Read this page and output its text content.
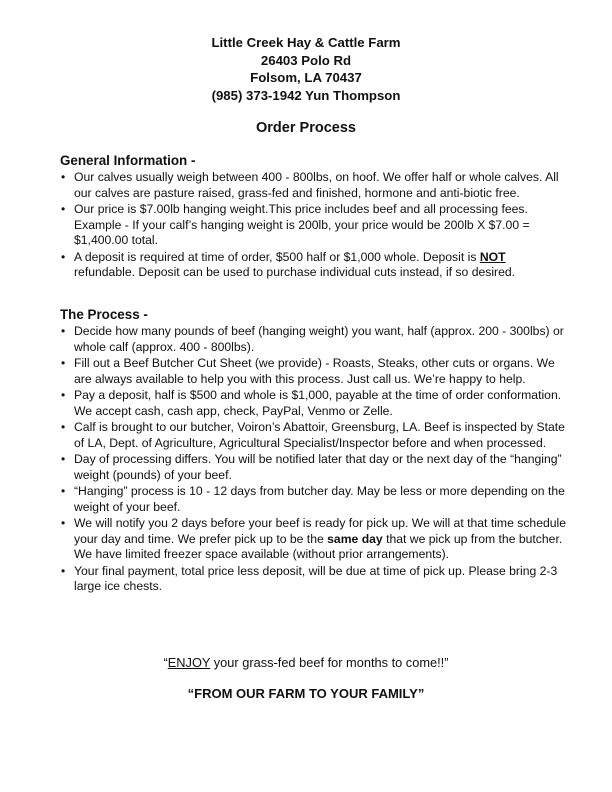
Little Creek Hay & Cattle Farm
26403 Polo Rd
Folsom, LA 70437
(985) 373-1942 Yun Thompson
Order Process
General Information -
• Our calves usually weigh between 400 - 800lbs, on hoof. We offer half or whole calves. All our calves are pasture raised, grass-fed and finished, hormone and anti-biotic free.
• Our price is $7.00lb hanging weight.This price includes beef and all processing fees. Example - If your calf’s hanging weight is 200lb, your price would be 200lb X $7.00 = $1,400.00 total.
• A deposit is required at time of order, $500 half or $1,000 whole. Deposit is NOT refundable. Deposit can be used to purchase individual cuts instead, if so desired.
The Process -
• Decide how many pounds of beef (hanging weight) you want, half (approx. 200 - 300lbs) or whole calf (approx. 400 - 800lbs).
• Fill out a Beef Butcher Cut Sheet (we provide) - Roasts, Steaks, other cuts or organs. We are always available to help you with this process. Just call us. We’re happy to help.
• Pay a deposit, half is $500 and whole is $1,000, payable at the time of order conformation. We accept cash, cash app, check, PayPal, Venmo or Zelle.
• Calf is brought to our butcher, Voiron’s Abattoir, Greensburg, LA. Beef is inspected by State of LA, Dept. of Agriculture, Agricultural Specialist/Inspector before and when processed.
• Day of processing differs. You will be notified later that day or the next day of the “hanging” weight (pounds) of your beef.
• “Hanging” process is 10 - 12 days from butcher day. May be less or more depending on the weight of your beef.
• We will notify you 2 days before your beef is ready for pick up. We will at that time schedule your day and time. We prefer pick up to be the same day that we pick up from the butcher. We have limited freezer space available (without prior arrangements).
• Your final payment, total price less deposit, will be due at time of pick up. Please bring 2-3 large ice chests.
“ENJOY your grass-fed beef for months to come!!”
“FROM OUR FARM TO YOUR FAMILY”
